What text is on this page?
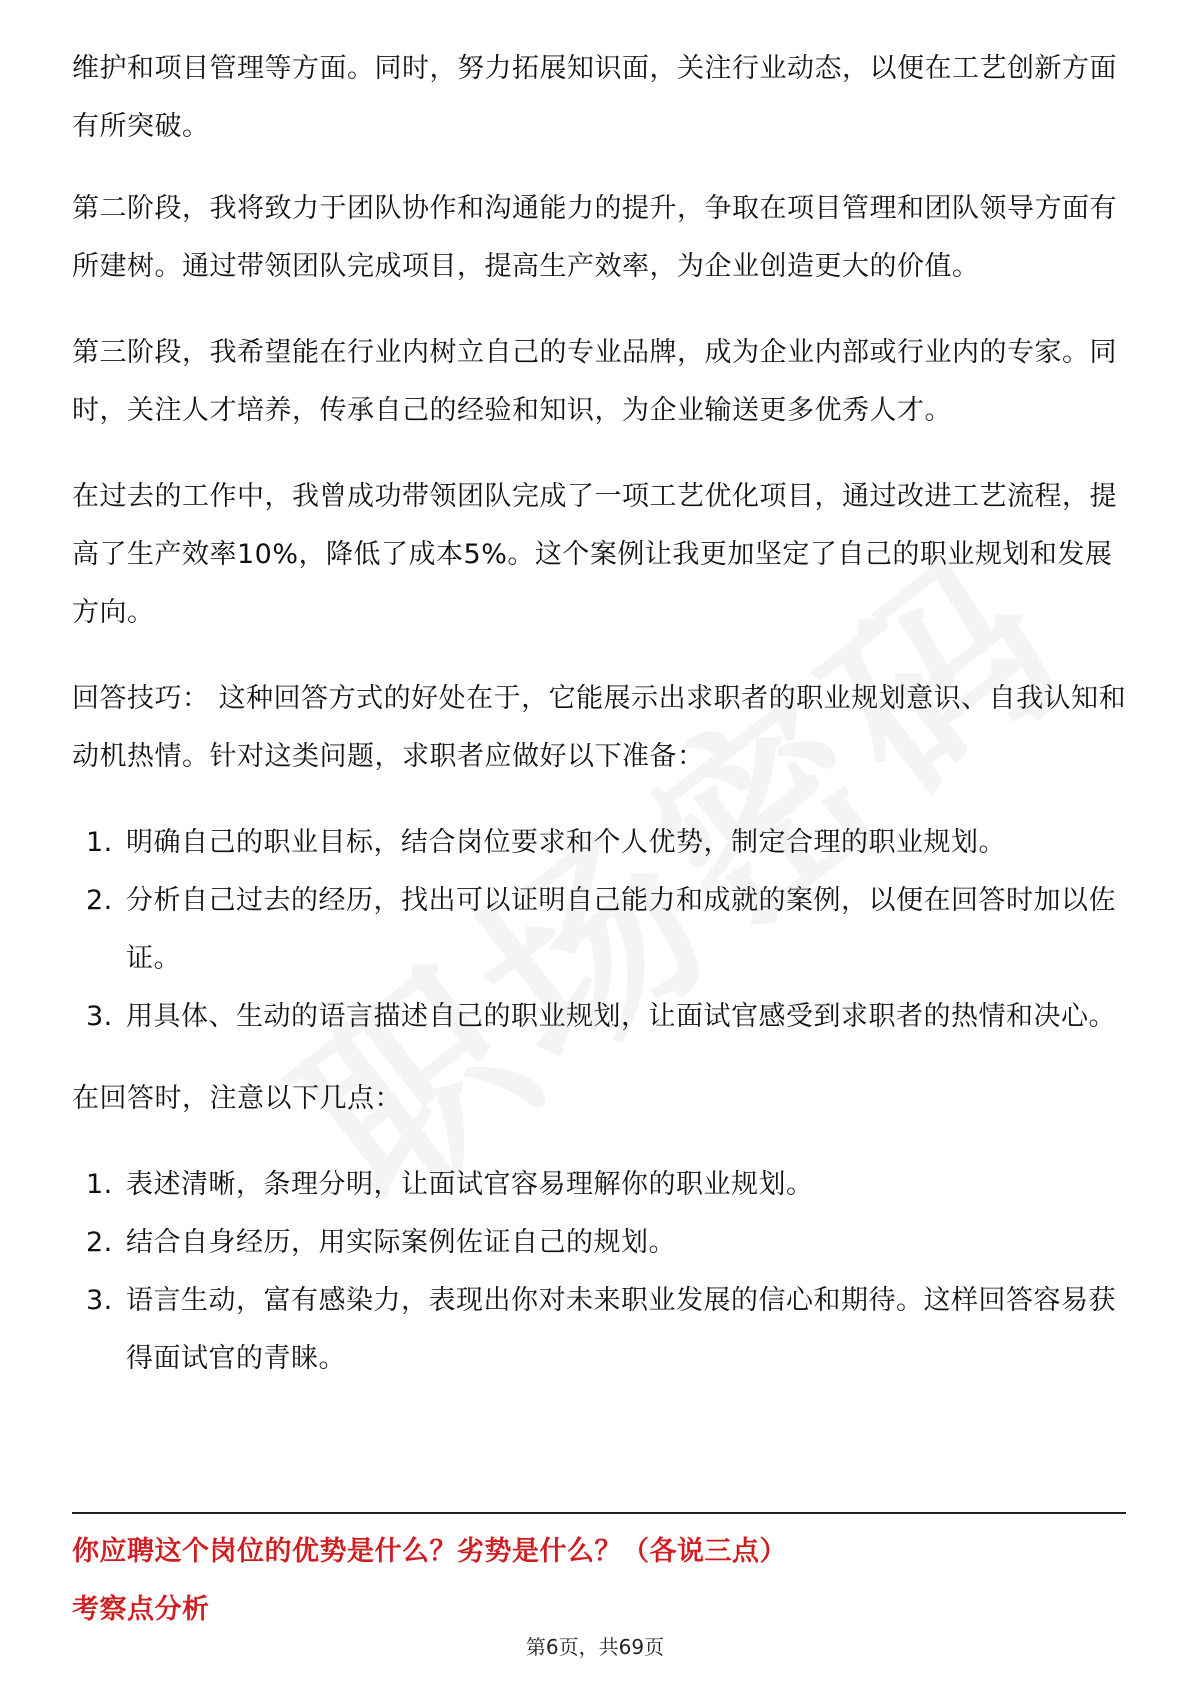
维护和项目管理等方面。同时，努力拓展知识面，关注行业动态，以便在工艺创新方面有所突破。

第二阶段，我将致力于团队协作和沟通能力的提升，争取在项目管理和团队领导方面有所建树。通过带领团队完成项目，提高生产效率，为企业创造更大的价值。

第三阶段，我希望能在行业内树立自己的专业品牌，成为企业内部或行业内的专家。同时，关注人才培养，传承自己的经验和知识，为企业输送更多优秀人才。

在过去的工作中，我曾成功带领团队完成了一项工艺优化项目，通过改进工艺流程，提高了生产效率10%，降低了成本5%。这个案例让我更加坚定了自己的职业规划和发展方向。

回答技巧： 这种回答方式的好处在于，它能展示出求职者的职业规划意识、自我认知和动机热情。针对这类问题，求职者应做好以下准备：

1. 明确自己的职业目标，结合岗位要求和个人优势，制定合理的职业规划。
2. 分析自己过去的经历，找出可以证明自己能力和成就的案例，以便在回答时加以佐证。
3. 用具体、生动的语言描述自己的职业规划，让面试官感受到求职者的热情和决心。

在回答时，注意以下几点：

1. 表述清晰，条理分明，让面试官容易理解你的职业规划。
2. 结合自身经历，用实际案例佐证自己的规划。
3. 语言生动，富有感染力，表现出你对未来职业发展的信心和期待。这样回答容易获得面试官的青睐。
你应聘这个岗位的优势是什么？劣势是什么？（各说三点）
考察点分析
第6页，共69页
